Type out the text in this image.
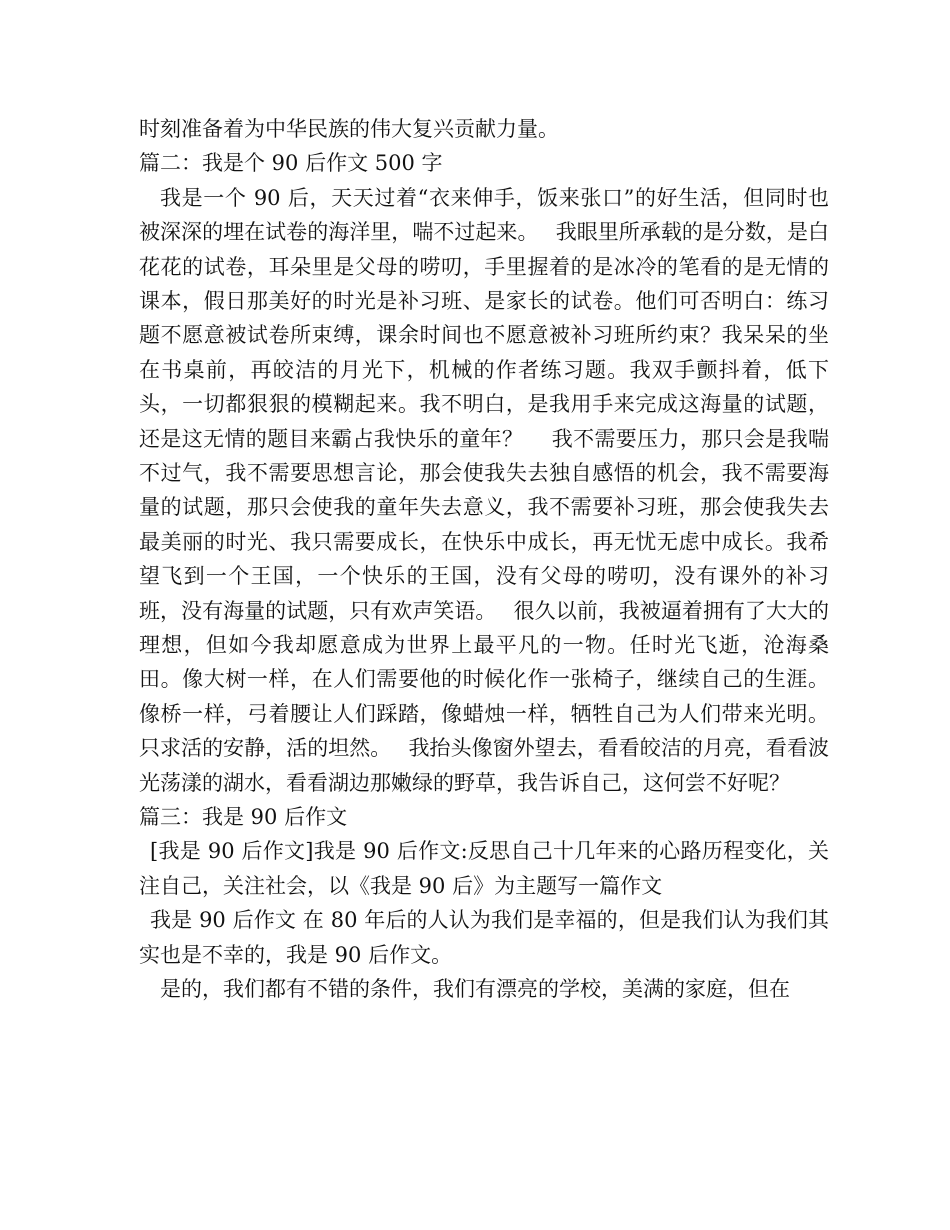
时刻准备着为中华民族的伟大复兴贡献力量。

篇二：我是个 90 后作文 500 字

我是一个 90 后，天天过着“衣来伸手，饭来张口”的好生活，但同时也被深深的埋在试卷的海洋里，喘不过起来。　 我眼里所承载的是分数，是白花花的试卷，耳朵里是父母的唠叨，手里握着的是冰冷的笔看的是无情的课本，假日那美好的时光是补习班、是家长的试卷。他们可否明白：练习题不愿意被试卷所束缚，课余时间也不愿意被补习班所约束？我呆呆的坐在书桌前，再皎洁的月光下，机械的作者练习题。我双手颤抖着，低下头，一切都狠狠的模糊起来。我不明白，是我用手来完成这海量的试题，还是这无情的题目来霸占我快乐的童年？　 我不需要压力，那只会是我喘不过气，我不需要思想言论，那会使我失去独自感悟的机会，我不需要海量的试题，那只会使我的童年失去意义，我不需要补习班，那会使我失去最美丽的时光、我只需要成长，在快乐中成长，再无忧无虑中成长。我希望飞到一个王国，一个快乐的王国，没有父母的唠叨，没有课外的补习班，没有海量的试题，只有欢声笑语。　 很久以前，我被逼着拥有了大大的理想，但如今我却愿意成为世界上最平凡的一物。任时光飞逝，沧海桑田。像大树一样，在人们需要他的时候化作一张椅子，继续自己的生涯。像桥一样，弓着腰让人们踩踏，像蜡烛一样，牺牲自己为人们带来光明。只求活的安静，活的坦然。　 我抬头像窗外望去，看看皎洁的月亮，看看波光荡漾的湖水，看看湖边那嫩绿的野草，我告诉自己，这何尝不好呢？

篇三：我是 90 后作文

[我是 90 后作文]我是 90 后作文:反思自己十几年来的心路历程变化，关注自己，关注社会，以《我是 90 后》为主题写一篇作文

我是 90 后作文 在 80 年后的人认为我们是幸福的，但是我们认为我们其实也是不幸的，我是 90 后作文。

是的，我们都有不错的条件，我们有漂亮的学校，美满的家庭，但在
